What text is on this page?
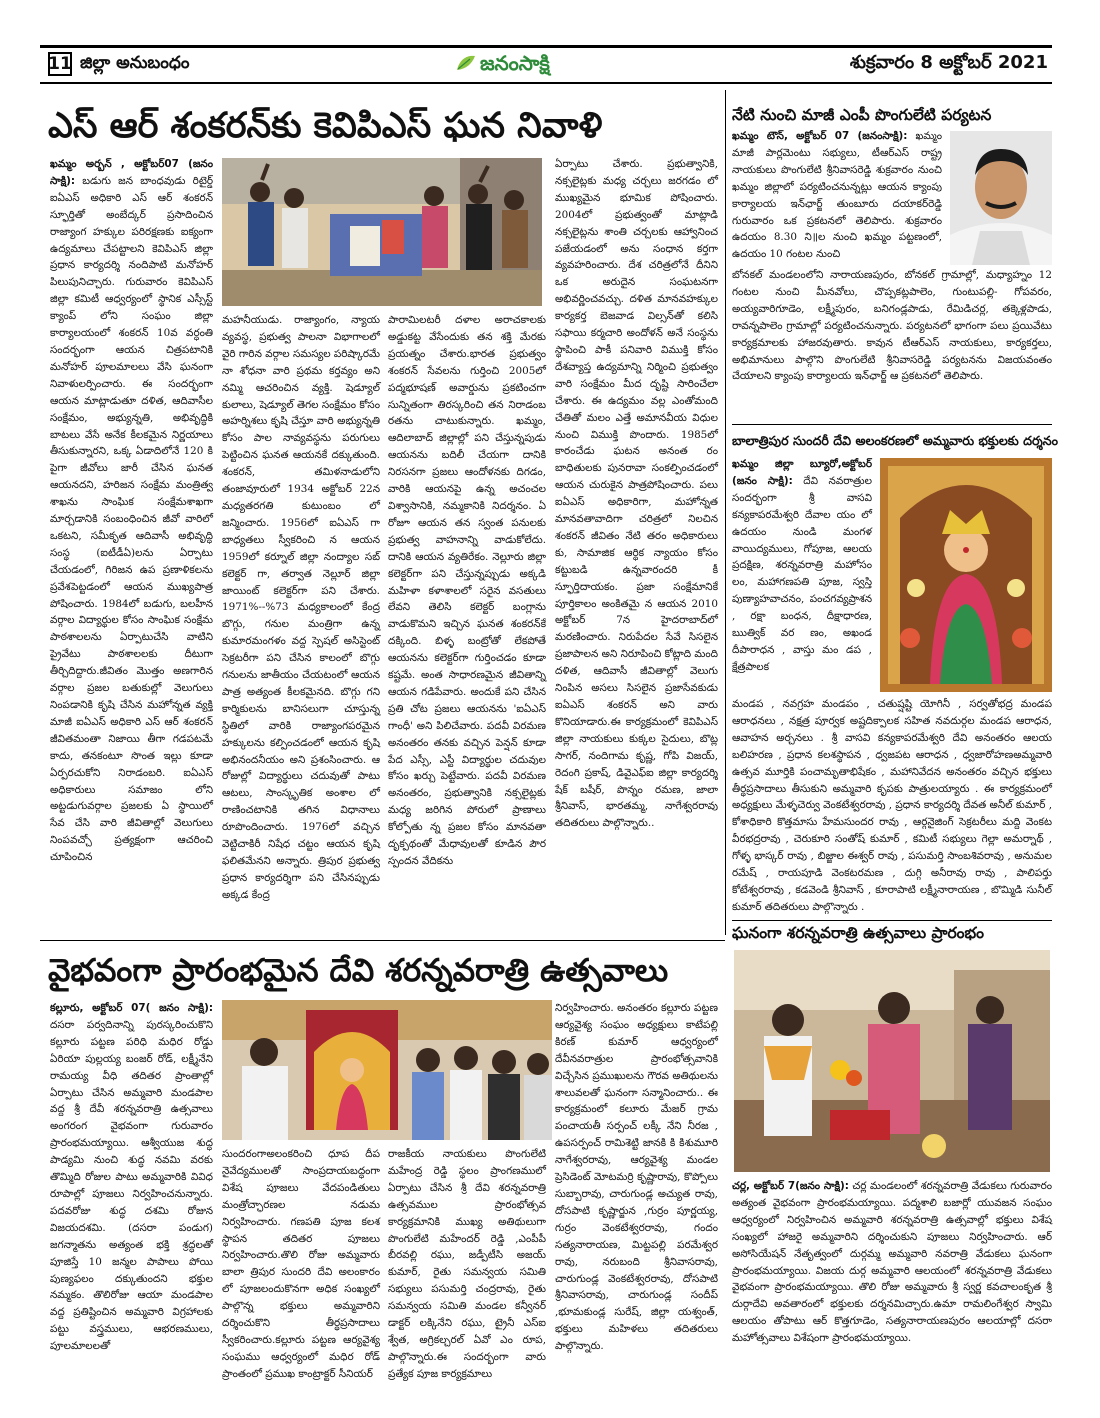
11 జిల్లా అనుబంధం	జనంసాక్షి	శుక్రవారం 8 అక్టోబర్ 2021
ఎస్ ఆర్ శంకరన్‌కు కెవిపిఎస్ ఘన నివాళి

ఖమ్మం అర్బన్ , అక్టోబర్07 (జనం సాక్షి): బడుగు జన బాంధవుడు రిటైర్డ్ ఐఏఎస్ అధికారి ఎస్ ఆర్ శంకరన్ స్ఫూర్తితో అంబేద్కర్ ప్రసాదించిన రాజ్యాంగ హక్కుల పరిరక్షణకు ఐక్యంగా ఉద్యమాలు చేపట్టాలని కెవిపిఎస్ జిల్లా ప్రధాన కార్యదర్శి నందిపాటి మనోహర్ పిలుపునిచ్చారు. గురువారం కెవిపిఎస్ జిల్లా కమిటీ ఆధ్వర్యంలో స్థానిక ఎస్సీస్ట్ క్యాంప్ లోని సంఘం జిల్లా కార్యాలయంలో శంకరన్ 10వ వర్ధంతి సందర్భంగా ఆయన చిత్రపటానికి మనోహర్ పూలమాలలు వేసి ఘనంగా నివాళులర్పించారు. ఈ సందర్భంగా ఆయన మాట్లాడుతూ దళిత, ఆదివాసీల సంక్షేమం, అభ్యున్నతి, అభివృద్ధికి బాటలు వేసే అనేక కీలకమైన నిర్ణయాలు తీసుకున్నారని, ఒక్క ఏడాదిలోనే 120 కి పైగా జీవోలు జారీ చేసిన ఘనత ఆయనదని, హరిజన సంక్షేమ మంత్రిత్వ శాఖను సాంఘిక సంక్షేమశాఖగా మార్చడానికి సంబంధించిన జీవో వారిలో ఒకటని, సమీకృత ఆదివాసీ అభివృద్ధి సంస్థ (ఐటీడీఏ)లను ఏర్పాటు చేయడంలో, గిరిజన ఉప ప్రణాళికలను ప్రవేశపెట్టడంలో ఆయన ముఖ్యపాత్ర పోషించారు. 1984లో బడుగు, బలహీన వర్గాల విద్యార్థుల కోసం సాంఘిక సంక్షేమ పాఠశాలలను ఏర్పాటుచేసి వాటిని ప్రైవేటు పాఠశాలలకు దీటుగా తీర్చిదిద్దారు.జీవితం మొత్తం అణగారిన వర్గాల ప్రజల బతుకుల్లో వెలుగులు నింపడానికి కృషి చేసిన మహోన్నత వ్యక్తి మాజీ ఐఏఎస్ అధికారి ఎస్ ఆర్ శంకరన్ జీవితమంతా నిజాయి తీగా గడపటమే కాదు, తనకంటూ సొంత ఇల్లు కూడా ఏర్పరచుకోని నిరాడంబరి. ఐఏఎస్ అధికారులు సమాజం లోని అట్టడుగువర్గాల ప్రజలకు ఏ స్థాయిలో సేవ చేసి వారి జీవితాల్లో వెలుగులు నింపవచ్చో ప్రత్యక్షంగా ఆచరించి చూపించిన

మహనీయుడు. రాజ్యాంగం, న్యాయ వ్యవస్థ, ప్రభుత్వ పాలనా విభాగాలలో వైరి గారిన వర్గాల సమస్యల పరిష్కారమే నా శోధనా వారి ప్రథమ కర్తవ్యం అని నమ్మి ఆచరించిన వ్యక్తి. షెడ్యూల్ కులాలు, షెడ్యూల్ తెగల సంక్షేమం కోసం అహర్నిశలు కృషి చేస్తూ వారి అభ్యున్నతి కోసం పాల నావ్యవస్థను పరుగులు పెట్టించిన ఘనత ఆయనకే దక్కుతుంది. శంకరన్, తమిళనాడులోని తంజావూరులో 1934 అక్టోబర్ 22న మధ్యతరగతి కుటుంబం లో జన్మించారు. 1956లో ఐఏఎస్ గా బాధ్యతలు స్వీకరించి న ఆయన 1959లో కర్నూల్ జిల్లా నంద్యాల సబ్ కలెక్టర్ గా, తర్వాత నెల్లూర్ జిల్లా జాయింట్ కలెక్టర్‌గా పని చేశారు. 1971%--%73 మధ్యకాలంలో కేంద్ర బొగ్గు, గనుల మంత్రిగా ఉన్న కుమారమంగళం వద్ద స్పెషల్ అసిస్టెంట్ సెక్రటరీగా పని చేసిన కాలంలో బొగ్గు గనులను జాతీయం చేయటంలో ఆయన పాత్ర అత్యంత కీలకమైనది. బొగ్గు గని కార్మికులను బానిసలుగా చూస్తున్న స్థితిలో వారికి రాజ్యాంగపరమైన హక్కులను కల్పించడంలో ఆయన కృషి అభినందనీయం అని ప్రశంసించారు. ఆ రోజుల్లో విద్యార్థులు చదువుతో పాటు ఆటలు, సాంస్కృతిక అంశాల లో రాణించటానికి తగిన విధానాలు రూపొందించారు. 1976లో వచ్చిన వెట్టిచాకిరీ నిషేధ చట్టం ఆయన కృషి ఫలితమేనని అన్నారు. త్రిపుర ప్రభుత్వ ప్రధాన కార్యదర్శిగా పని చేసినప్పుడు అక్కడ కేంద్ర

పారామిలటరీ దళాల అరాచకాలకు అడ్డుకట్ట వేసేందుకు తన శక్తి మేరకు ప్రయత్నం చేశారు.భారత ప్రభుత్వం శంకరన్ సేవలను గుర్తించి 2005లో పద్మభూషణ్ అవార్డును ప్రకటించగా సున్నితంగా తిరస్కరించి తన నిరాడంబ రతను చాటుకున్నారు. ఖమ్మం, ఆదిలాబాద్ జిల్లాల్లో పని చేస్తున్నపుడు ఆయనను బదిలీ చేయగా దానికి నిరసనగా ప్రజలు ఆందోళనకు దిగడం, వారికి ఆయనపై ఉన్న అచంచల విశ్వాసానికి, నమ్మకానికి నిదర్శనం. ఏ రోజూ ఆయన తన స్వంత పనులకు ప్రభుత్వ వాహనాన్ని వాడుకోలేదు. దానికి ఆయన వ్యతిరేకం. నెల్లూరు జిల్లా కలెక్టర్‌గా పని చేస్తున్నప్పుడు అక్కడి మహిళా కళాశాలలో సరైన వసతులు లేవని తెలిసి కలెక్టర్ బంగ్లాను వాడుకొమని ఇచ్చిన ఘనత శంకరన్‌కే దక్కింది. బిళ్ళ బంట్రోతో లేకపోతే ఆయనను కలెక్టర్‌గా గుర్తించడం కూడా కష్టమే. అంత సాధారణమైన జీవితాన్ని ఆయన గడిపేవారు. అందుకే పని చేసిన ప్రతి చోట ప్రజలు ఆయనను 'ఐఏఎస్ గాంధీ' అని పిలిచేవారు. పదవీ విరమణ అనంతరం తనకు వచ్చిన పెన్షన్ కూడా పేద ఎస్సీ, ఎస్టీ విద్యార్థుల చదువుల కోసం ఖర్చు పెట్టేవారు. పదవీ విరమణ అనంతరం, ప్రభుత్వానికి నక్సలైట్లకు మధ్య జరిగిన పోరులో ప్రాణాలు కోల్పోతు న్న ప్రజల కోసం మానవతా దృక్పథంతో మేధావులతో కూడిన పౌర స్పందన వేదికను

ఏర్పాటు చేశారు. ప్రభుత్వానికి, నక్సలైట్లకు మధ్య చర్చలు జరగడం లో ముఖ్యమైన భూమిక పోషించారు. 2004లో ప్రభుత్వంతో మాట్లాడి నక్సలైట్లను శాంతి చర్చలకు ఆహ్వానించ పజేయడంలో అను సంధాన కర్తగా వ్యవహరించారు. దేశ చరిత్రలోనే దీనిని ఒక అరుదైన సంఘటనగా అభివర్ణించవచ్చు. దళిత మానవహక్కుల కార్యకర్త బెజవాడ విల్సన్‌తో కలిసి సఫాయి కర్మచారి అందోళన్ అనే సంస్థను స్థాపించి పాకీ పనివారి విముక్తి కోసం దేశవ్యాప్త ఉద్యమాన్ని నిర్మించి ప్రభుత్వం వారి సంక్షేమం మీద దృష్టి సారించేలా చేశారు. ఈ ఉద్యమం వల్ల ఎంతోమంది చేతితో మలం ఎత్తే అమానవీయ విధుల నుంచి విముక్తి పొందారు. 1985లో కారంచేడు ఘటన అనంత రం బాధితులకు పునరావా సంకల్పించడంలో ఆయన చురుకైన పాత్రపోషించారు. పలు ఐఏఎస్ అధికారిగా, మహోన్నత మానవతావాదిగా చరిత్రలో నిలచిన శంకరన్ జీవితం నేటి తరం అధికారులు కు, సామాజిక ఆర్థిక న్యాయం కోసం కట్టుబడి ఉన్నవారందరి కీ స్ఫూర్తిదాయకం. ప్రజా సంక్షేమానికే పూర్తికాలం అంకితమై న ఆయన 2010 అక్టోబర్ 7న హైదరాబాద్‌లో మరణించారు. నిరుపేదల సేవే సిసలైన ప్రజాపాలన అని నిరూపించి కోట్లాది మంది దళిత, ఆదివాసీ జీవితాల్లో వెలుగు నింపిన అసలు సిసలైన ప్రజాసేవకుడు ఐఏఎస్ శంకరన్ అని వారు కొనియాడారు.ఈ కార్యక్రమంలో కెవిపిఎస్ జిల్లా నాయకులు కుక్కల సైదులు, బొట్ల సాగర్, నందిగామ కృష్ణ, గోపి విజయ్, రెదంగి ప్రకాష్, డివైఎఫ్ఐ జిల్లా కార్యదర్శి షేక్ బషీర్, పొన్నం రమణ, జాలా శ్రీనివాస్, భారతమ్మ, నాగేశ్వరరావు తదితరులు పాల్గొన్నారు..

నేటి నుంచి మాజీ ఎంపీ పొంగులేటి పర్యటన

ఖమ్మం టౌన్, అక్టోబర్ 07 (జనంసాక్షి): ఖమ్మం మాజీ పార్లమెంటు సభ్యులు, టీఆర్ఎస్ రాష్ట్ర నాయకులు పొంగులేటి శ్రీనివాసరెడ్డి శుక్రవారం నుంచి ఖమ్మం జిల్లాలో పర్యటించనున్నట్లు ఆయన క్యాంపు కార్యాలయ ఇన్‌ఛార్జ్ తుంబూరు దయాకర్‌రెడ్డి గురువారం ఒక ప్రకటనలో తెలిపారు. శుక్రవారం ఉదయం 8.30 ని॥ల నుంచి ఖమ్మం పట్టణంలో, ఉదయం 10 గంటల నుంచి

బోనకల్ మండలంలోని నారాయణపురం, బోనకల్ గ్రామాల్లో, మధ్యాహ్నం 12 గంటల నుంచి మీనవోలు, చొప్పకట్లపాలెం, గుంటుపల్లి- గోపవరం, అయ్యవారిగూడెం, లక్ష్మీపురం, బనిగండ్లపాడు, రేమిడిచర్ల, తక్కెళ్లపాడు, రావన్నపాలెం గ్రామాల్లో పర్యటించనున్నారు. పర్యటనలో భాగంగా పలు ప్రయివేటు కార్యక్రమాలకు హాజరవుతారు. కావున టీఆర్ఎస్ నాయకులు, కార్యకర్తలు, అభిమానులు పాల్గొని పొంగులేటి శ్రీనివాసరెడ్డి పర్యటనను విజయవంతం చేయాలని క్యాంపు కార్యాలయ ఇన్‌ఛార్జ్ ఆ ప్రకటనలో తెలిపారు.

బాలాత్రిపుర సుందరీ దేవి అలంకరణలో అమ్మవారు భక్తులకు దర్శనం

ఖమ్మం జిల్లా బ్యూరో,అక్టోబర్ (జనం సాక్షి): దేవి నవరాత్రుల సందర్భంగా శ్రీ వాసవి కన్యకాపరమేశ్వరి దేవాల యం లో ఉదయం నుండి మంగళ వాయిద్యములు, గోపూజ, ఆలయ ప్రదక్షిణ, శరన్నవరాత్రి మహోసం లం, మహాగణపతి పూజ, స్వస్తి పుణ్యాహవాచనం, పంచగవ్యప్రాశన , రక్షా బంధన, దీక్షాధారణ, ఋత్విక్‌ వర ణం, అఖండ దీపారాధన , వాస్తు మం డప , క్షేత్రపాలక

మండప , నవగ్రహ మండపం , చతుష్షష్టి యోగినీ , సర్వతోభద్ర మండప ఆరాధనలు , నక్షత్ర పూర్వక అష్టదిక్పాలక సహిత నవదుర్గల మండప ఆరాధన, ఆవాహన అర్చనలు . శ్రీ వాసవి కన్యకాపరమేశ్వరి దేవి అనంతరం ఆలయ బలిహరణ , ప్రధాన కలశస్థాపన , ధ్వజపట ఆరాధన , ధ్వజారోహణఅమ్మవారి ఉత్సవ మూర్తికి పంచామృతాభిషేకం , మహానివేదన అనంతరం వచ్చిన భక్తులు తీర్థప్రసాదాలు తీసుకుని అమ్మవారి కృపకు పాత్రులయ్యారు . ఈ కార్యక్రమంలో అధ్యక్షులు మేళ్ళచెర్వు వెంకటేశ్వరరావు , ప్రధాన కార్యదర్శి దేవత అనీల్ కుమార్ , కోశాధికారి కొత్తమాసు హేమసుందర రావు , ఆర్గనైజింగ్ సెక్రటరీలు మద్ది వెంకట వీరభద్రరావు , చెరుకూరి సంతోష్ కుమార్ , కమిటీ సభ్యులు గెల్లా అమర్నాథ్ , గోళ్ళ భాస్కర్ రావు , బిజ్జాల ఈశ్వర్ రావు , పసుమర్తి సాంబశివరావు , అనుమల రమేష్ , రాయపూడి వెంకటరమణ , దుగ్గి అనీరావు రావు , పాలిపర్తు కోటేశ్వరరావు , కడవెండి శ్రీనివాస్ , కూరాపాటి లక్ష్మీనారాయణ , బొమ్మిడి సునీల్ కుమార్ తదితరులు పాల్గొన్నారు .

ఘనంగా శరన్నవరాత్రి ఉత్సవాలు ప్రారంభం

చర్ల, అక్టోబర్ 7(జనం సాక్షి): చర్ల మండలంలో శరన్నవరాత్రి వేడుకలు గురువారం అత్యంత వైభవంగా ప్రారంభమయ్యాయి. పద్మశాలి బజార్లో యువజన సంఘం ఆధ్వర్యంలో నిర్వహించిన అమ్మవారి శరన్నవరాత్రి ఉత్సవాల్లో భక్తులు విశేష సంఖ్యలో హాజరై అమ్మవారిని దర్శించుకుని పూజలు నిర్వహించారు. ఆర్ అసోసియేషన్ నేతృత్వంలో దుర్గమ్మ అమ్మవారి నవరాత్రి వేడుకలు ఘనంగా ప్రారంభమయ్యాయి. విజయ దుర్గ అమ్మవారి ఆలయంలో శరన్నవరాత్రి వేడుకలు వైభవంగా ప్రారంభమయ్యాయి. తొలి రోజు అమ్మవారు శ్రీ స్వర్ణ కవచాలంకృత శ్రీ దుర్గాదేవి అవతారంలో భక్తులకు దర్శనమిచ్చారు.ఉమా రామలింగేశ్వర స్వామి ఆలయం తోపాటు ఆర్ కొత్తగూడెం, సత్యనారాయణపురం ఆలయాల్లో దసరా మహోత్సవాలు విశేషంగా ప్రారంభమయ్యాయి.

వైభవంగా ప్రారంభమైన దేవి శరన్నవరాత్రి ఉత్సవాలు

కల్లూరు, అక్టోబర్ 07( జనం సాక్షి): దసరా పర్వదినాన్ని పురస్కరించుకొని కల్లూరు పట్టణ పరిధి మధిర రోడ్డు ఏరియా పుల్లయ్య బంజర్ రోడ్, లక్ష్మీనేని రామయ్య వీధి తదితర ప్రాంతాల్లో ఏర్పాటు చేసిన అమ్మవారి మండపాల వద్ద శ్రీ దేవీ శరన్నవరాత్రి ఉత్సవాలు అంగరంగ వైభవంగా గురువారం ప్రారంభమయ్యాయి. ఆశ్వీయుజ శుద్ధ పాడ్యమి నుంచి శుద్ధ నవమి వరకు తొమ్మిది రోజుల పాటు అమ్మవారికి వివిధ రూపాల్లో పూజలు నిర్వహించనున్నారు. పదవరోజు శుద్ధ దశమి రోజున విజయదశమి. (దసరా పండుగ) జగన్మాతను అత్యంత భక్తి శ్రద్ధలతో పూజిస్తే 10 జన్మల పాపాలు పోయి పుణ్యఫలం దక్కుతుందని భక్తుల నమ్మకం. తొలిరోజు ఆయా మండపాల వద్ద ప్రతిష్టించిన అమ్మవారి విగ్రహాలకు పట్టు వస్త్రములు, ఆభరణములు, పూలమాలలతో

సుందరంగాఅలంకరించి ధూప దీప నైవేద్యములతో సాంప్రదాయబద్ధంగా విశేష పూజలు వేదపండితులు మంత్రోచ్ఛారణల నడుమ నిర్వహించారు. గణపతి పూజ కలశ స్థాపన తదితర పూజలు నిర్వహించారు.తొలి రోజు అమ్మవారు బాలా త్రిపుర సుందరి దేవి అలంకారం లో పూజలందుకొనగా అధిక సంఖ్యలో పాల్గొన్న భక్తులు అమ్మవారిని దర్శించుకొని తీర్థప్రసాదాలు స్వీకరించారు.కల్లూరు పట్టణ ఆర్యవైశ్య సంఘము ఆధ్వర్యంలో మధిర రోడ్ ప్రాంతంలో ప్రముఖ కాంట్రాక్టర్ సీనియర్

రాజకీయ నాయకులు పొంగులేటి మహేంద్ర రెడ్డి స్థలం ప్రాంగణములో ఏర్పాటు చేసిన శ్రీ దేవి శరన్నవరాత్రి ఉత్సవముల ప్రారంభోత్సవ కార్యక్రమానికి ముఖ్య అతిథులుగా పొంగులేటి మహేందర్ రెడ్డి ,ఎంపీపీ బీరవల్లి రఘు, జడ్పీటీసి అజయ్ కుమార్, రైతు సమన్వయ సమితి సభ్యులు పసుమర్తి చంద్రరావు, రైతు సమన్వయ సమితి మండల కన్వీనర్ డాక్టర్ లక్కినేని రఘు, ట్రైనీ ఎస్ఐ శ్వేత, అగ్రికల్చరల్ ఏవో ఎం రూప, పాల్గొన్నారు.ఈ సందర్భంగా వారు ప్రత్యేక పూజ కార్యక్రమాలు

నిర్వహించారు. అనంతరం కల్లూరు పట్టణ ఆర్యవైశ్య సంఘం అధ్యక్షులు కాటేపల్లి కిరణ్ కుమార్ ఆధ్వర్యంలో దేవీనవరాత్రుల ప్రారంభోత్సవానికి విచ్చేసిన ప్రముఖులను గౌరవ అతిథులను శాలువలతో ఘనంగా సన్మానించారు.. ఈ కార్యక్రమంలో కలూరు మేజర్ గ్రామ పంచాయతీ సర్పంచ్ లక్కీ నేని నీరజ , ఉపసర్పంచ్ రామిశెట్టి జానకి కి కిశుమూరి నాగేశ్వరరావు, ఆర్యవైశ్య మండల ప్రెసిడెంట్ మోటమర్రి కృష్ణారావు, కొప్పోలు సుబ్బారావు, చారుగుండ్ల అచ్యుత రావు, దోసపాటి కృష్ణార్జున ,గుర్రం పూర్ణయ్య, గుర్రం వెంకటేశ్వరరావు, గందం సత్యనారాయణ, మిట్టపల్లి పరమేశ్వర రావు, నరుబంది శ్రీనివాసరావు, చారుగుండ్ల వెంకటేశ్వరరావు, దోసపాటి శ్రీనివాసరావు, చారుగుండ్ల సందీప్ ,భూమకుండ్ల సురేష్, జిల్లా యశ్వంత్, భక్తులు మహిళలు తదితరులు పాల్గొన్నారు.
